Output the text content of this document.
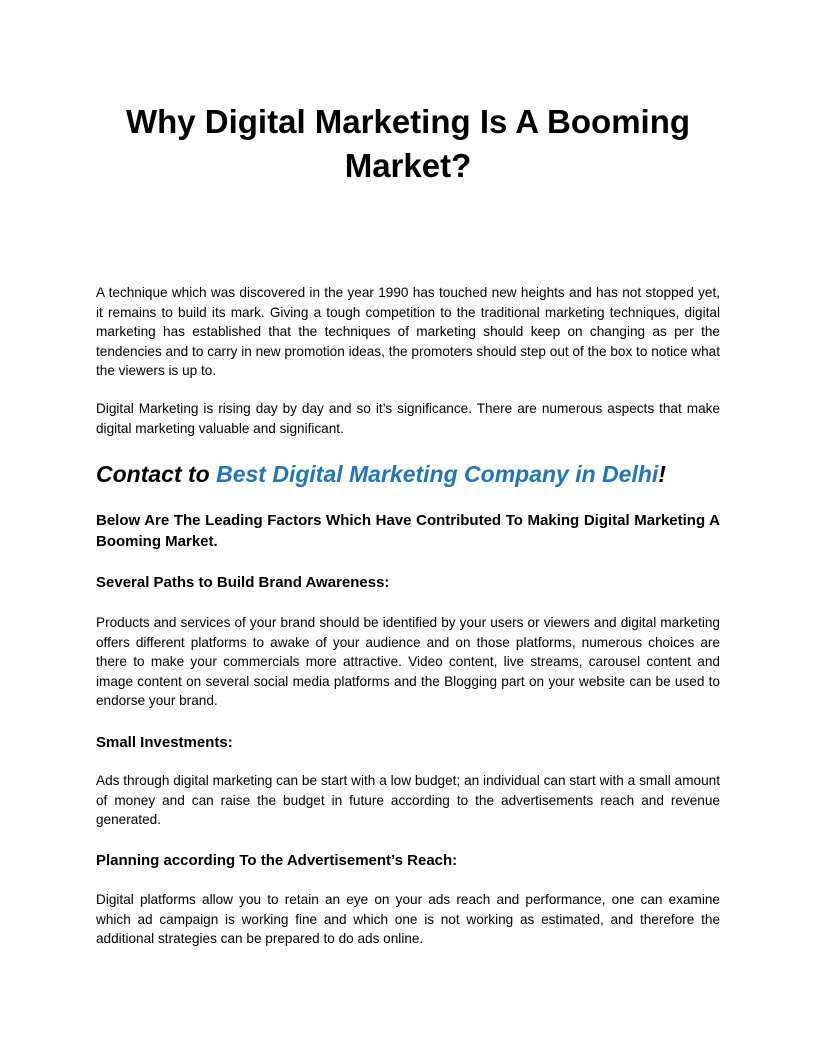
Why Digital Marketing Is A Booming Market?

A technique which was discovered in the year 1990 has touched new heights and has not stopped yet, it remains to build its mark. Giving a tough competition to the traditional marketing techniques, digital marketing has established that the techniques of marketing should keep on changing as per the tendencies and to carry in new promotion ideas, the promoters should step out of the box to notice what the viewers is up to.

Digital Marketing is rising day by day and so it’s significance. There are numerous aspects that make digital marketing valuable and significant.

Contact to Best Digital Marketing Company in Delhi!

Below Are The Leading Factors Which Have Contributed To Making Digital Marketing A Booming Market.

Several Paths to Build Brand Awareness:

Products and services of your brand should be identified by your users or viewers and digital marketing offers different platforms to awake of your audience and on those platforms, numerous choices are there to make your commercials more attractive. Video content, live streams, carousel content and image content on several social media platforms and the Blogging part on your website can be used to endorse your brand.

Small Investments:

Ads through digital marketing can be start with a low budget; an individual can start with a small amount of money and can raise the budget in future according to the advertisements reach and revenue generated.

Planning according To the Advertisement’s Reach:

Digital platforms allow you to retain an eye on your ads reach and performance, one can examine which ad campaign is working fine and which one is not working as estimated, and therefore the additional strategies can be prepared to do ads online.
